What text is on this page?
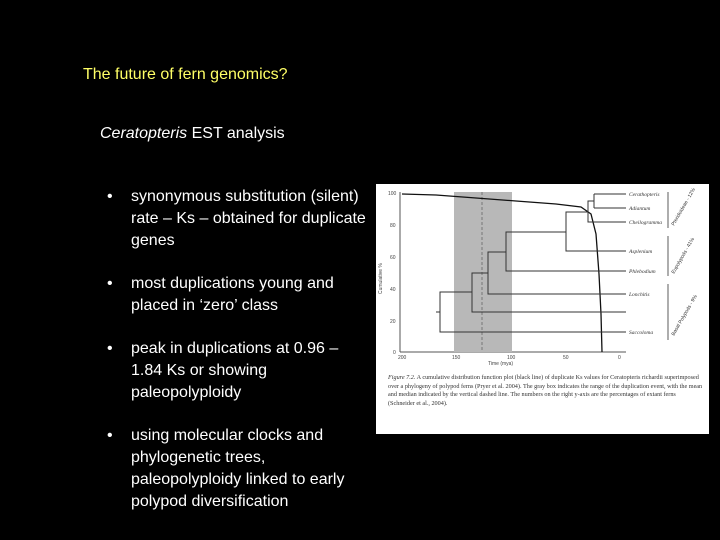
The future of fern genomics?
Ceratopteris EST analysis
• synonymous substitution (silent) rate – Ks – obtained for duplicate genes
• most duplications young and placed in ‘zero’ class
• peak in duplications at 0.96 – 1.84 Ks or showing paleopolyploidy
• using molecular clocks and phylogenetic trees, paleopolyploidy linked to early polypod diversification
100
80
60
40
20
0
Cumulative %
200	150	100	50	0
Time (mya)
Cerathopteris
Adiantum
Cheilogramma
Asplenium
Phlebodium
Lonchitis
Saccoloma
Pteridoideae - 12%
Eupolypods - 41%
Basal Polypods - 9%
Figure 7.2. A cumulative distribution function plot (black line) of duplicate Ks values for Ceratopteris richardii superimposed over a phylogeny of polypod ferns (Pryer et al. 2004). The gray box indicates the range of the duplication event, with the mean and median indicated by the vertical dashed line. The numbers on the right y-axis are the percentages of extant ferns (Schneider et al., 2004).
